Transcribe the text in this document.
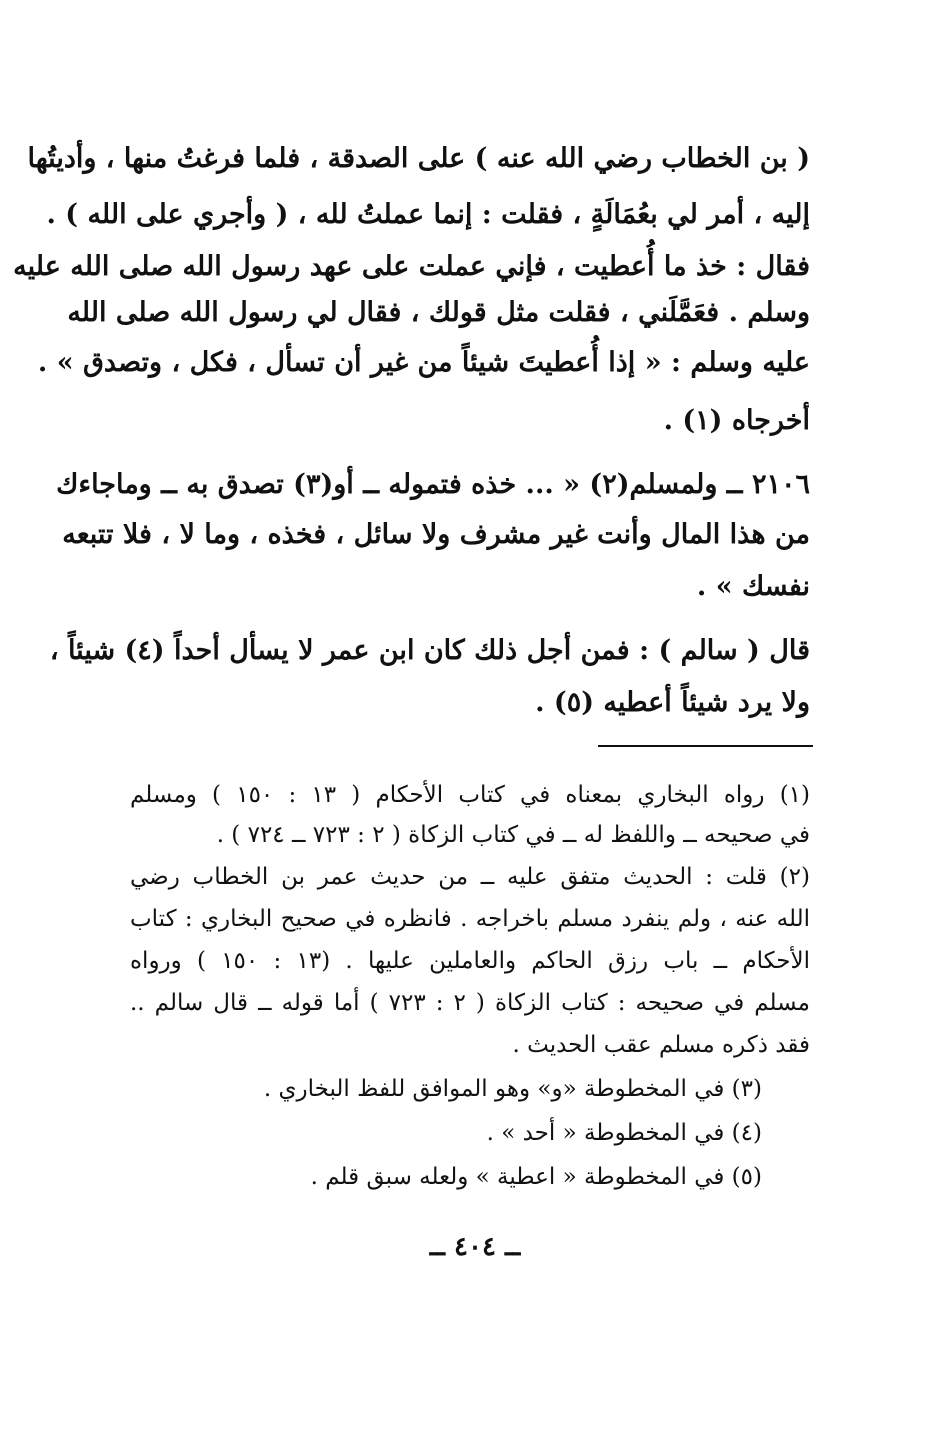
( بن الخطاب رضي الله عنه ) على الصدقة ، فلما فرغتُ منها ، وأديتُها
إليه ، أمر لي بعُمَالَةٍ ، فقلت : إنما عملتُ لله ، ( وأجري على الله ) .
فقال : خذ ما أُعطيت ، فإني عملت على عهد رسول الله صلى الله عليه
وسلم . فعَمَّلَني ، فقلت مثل قولك ، فقال لي رسول الله صلى الله
عليه وسلم : « إذا أُعطيتَ شيئاً من غير أن تسأل ، فكل ، وتصدق » .
أخرجاه (١) .
٢١٠٦ ــ ولمسلم(٢) « ... خذه فتموله ــ أو(٣) تصدق به ــ وماجاءك
من هذا المال وأنت غير مشرف ولا سائل ، فخذه ، وما لا ، فلا تتبعه
نفسك » .
قال ( سالم ) : فمن أجل ذلك كان ابن عمر لا يسأل أحداً (٤) شيئاً ،
ولا يرد شيئاً أعطيه (٥) .
(١) رواه البخاري بمعناه في كتاب الأحكام ( ١٣ : ١٥٠ ) ومسلم
في صحيحه ــ واللفظ له ــ في كتاب الزكاة ( ٢ : ٧٢٣ ــ ٧٢٤ ) .
(٢) قلت : الحديث متفق عليه ــ من حديث عمر بن الخطاب رضي
الله عنه ، ولم ينفرد مسلم باخراجه . فانظره في صحيح البخاري : كتاب
الأحكام ــ باب رزق الحاكم والعاملين عليها . (١٣ : ١٥٠ ) ورواه
مسلم في صحيحه : كتاب الزكاة ( ٢ : ٧٢٣ ) أما قوله ــ قال سالم ..
فقد ذكره مسلم عقب الحديث .
(٣) في المخطوطة «و» وهو الموافق للفظ البخاري .
(٤) في المخطوطة « أحد » .
(٥) في المخطوطة « اعطية » ولعله سبق قلم .
ــ ٤٠٤ ــ
